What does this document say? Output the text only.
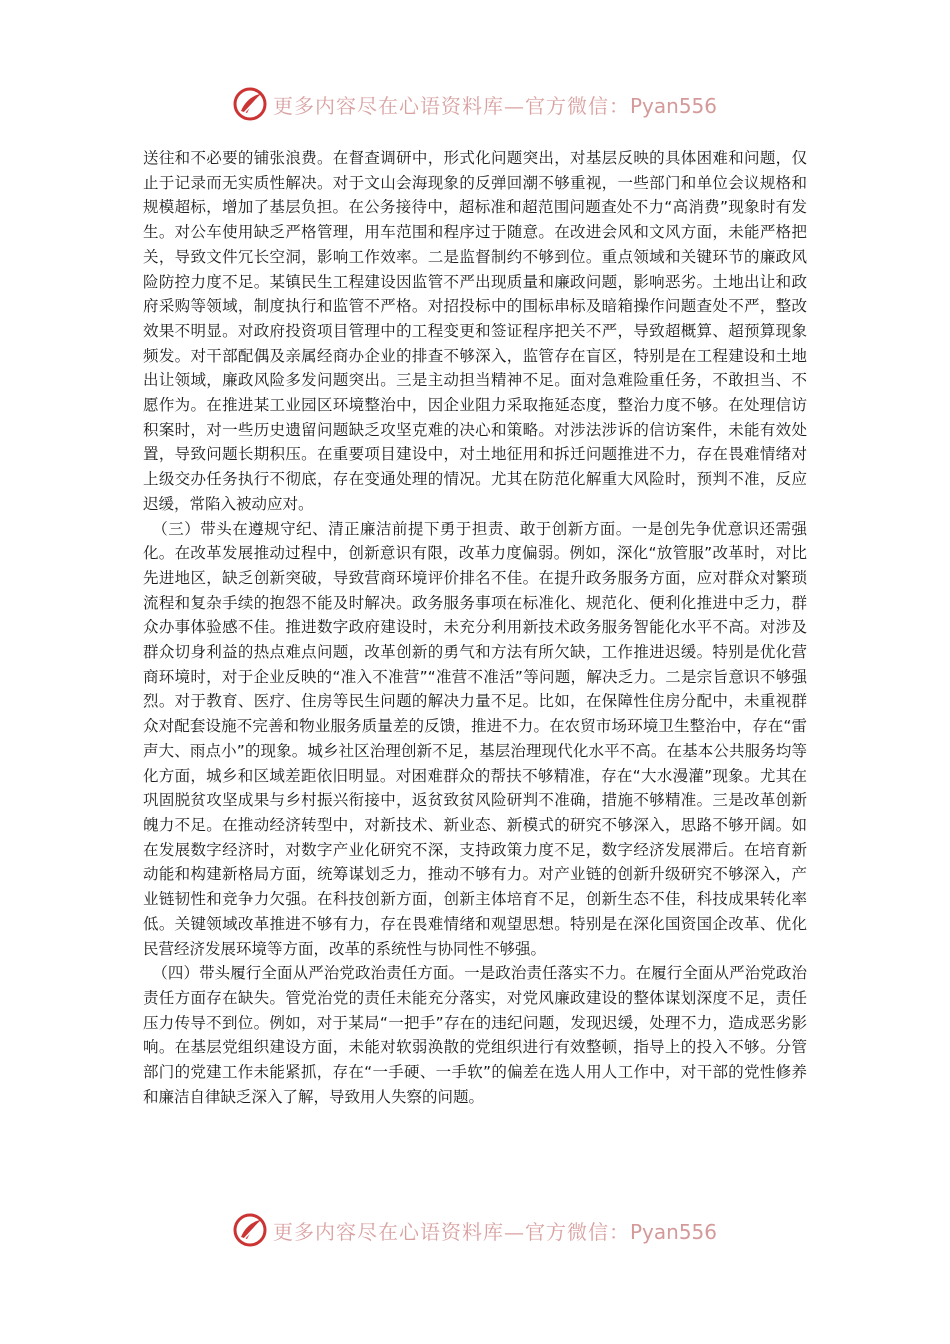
更多内容尽在心语资料库—官方微信：Pyan556

送往和不必要的铺张浪费。在督查调研中，形式化问题突出，对基层反映的具体困难和问题，仅止于记录而无实质性解决。对于文山会海现象的反弹回潮不够重视，一些部门和单位会议规格和规模超标，增加了基层负担。在公务接待中，超标准和超范围问题查处不力“高消费”现象时有发生。对公车使用缺乏严格管理，用车范围和程序过于随意。在改进会风和文风方面，未能严格把关，导致文件冗长空洞，影响工作效率。二是监督制约不够到位。重点领域和关键环节的廉政风险防控力度不足。某镇民生工程建设因监管不严出现质量和廉政问题，影响恶劣。土地出让和政府采购等领域，制度执行和监管不严格。对招投标中的围标串标及暗箱操作问题查处不严，整改效果不明显。对政府投资项目管理中的工程变更和签证程序把关不严，导致超概算、超预算现象频发。对干部配偶及亲属经商办企业的排查不够深入，监管存在盲区，特别是在工程建设和土地出让领域，廉政风险多发问题突出。三是主动担当精神不足。面对急难险重任务，不敢担当、不愿作为。在推进某工业园区环境整治中，因企业阻力采取拖延态度，整治力度不够。在处理信访积案时，对一些历史遗留问题缺乏攻坚克难的决心和策略。对涉法涉诉的信访案件，未能有效处置，导致问题长期积压。在重要项目建设中，对土地征用和拆迁问题推进不力，存在畏难情绪对上级交办任务执行不彻底，存在变通处理的情况。尤其在防范化解重大风险时，预判不准，反应迟缓，常陷入被动应对。

（三）带头在遵规守纪、清正廉洁前提下勇于担责、敢于创新方面。一是创先争优意识还需强化。在改革发展推动过程中，创新意识有限，改革力度偏弱。例如，深化“放管服”改革时，对比先进地区，缺乏创新突破，导致营商环境评价排名不佳。在提升政务服务方面，应对群众对繁琐流程和复杂手续的抱怨不能及时解决。政务服务事项在标准化、规范化、便利化推进中乏力，群众办事体验感不佳。推进数字政府建设时，未充分利用新技术政务服务智能化水平不高。对涉及群众切身利益的热点难点问题，改革创新的勇气和方法有所欠缺，工作推进迟缓。特别是优化营商环境时，对于企业反映的“准入不准营”“准营不准活”等问题，解决乏力。二是宗旨意识不够强烈。对于教育、医疗、住房等民生问题的解决力量不足。比如，在保障性住房分配中，未重视群众对配套设施不完善和物业服务质量差的反馈，推进不力。在农贸市场环境卫生整治中，存在“雷声大、雨点小”的现象。城乡社区治理创新不足，基层治理现代化水平不高。在基本公共服务均等化方面，城乡和区域差距依旧明显。对困难群众的帮扶不够精准，存在“大水漫灌”现象。尤其在巩固脱贫攻坚成果与乡村振兴衔接中，返贫致贫风险研判不准确，措施不够精准。三是改革创新魄力不足。在推动经济转型中，对新技术、新业态、新模式的研究不够深入，思路不够开阔。如在发展数字经济时，对数字产业化研究不深，支持政策力度不足，数字经济发展滞后。在培育新动能和构建新格局方面，统筹谋划乏力，推动不够有力。对产业链的创新升级研究不够深入，产业链韧性和竞争力欠强。在科技创新方面，创新主体培育不足，创新生态不佳，科技成果转化率低。关键领域改革推进不够有力，存在畏难情绪和观望思想。特别是在深化国资国企改革、优化民营经济发展环境等方面，改革的系统性与协同性不够强。

（四）带头履行全面从严治党政治责任方面。一是政治责任落实不力。在履行全面从严治党政治责任方面存在缺失。管党治党的责任未能充分落实，对党风廉政建设的整体谋划深度不足，责任压力传导不到位。例如，对于某局“一把手”存在的违纪问题，发现迟缓，处理不力，造成恶劣影响。在基层党组织建设方面，未能对软弱涣散的党组织进行有效整顿，指导上的投入不够。分管部门的党建工作未能紧抓，存在“一手硬、一手软”的偏差在选人用人工作中，对干部的党性修养和廉洁自律缺乏深入了解，导致用人失察的问题。

更多内容尽在心语资料库—官方微信：Pyan556
